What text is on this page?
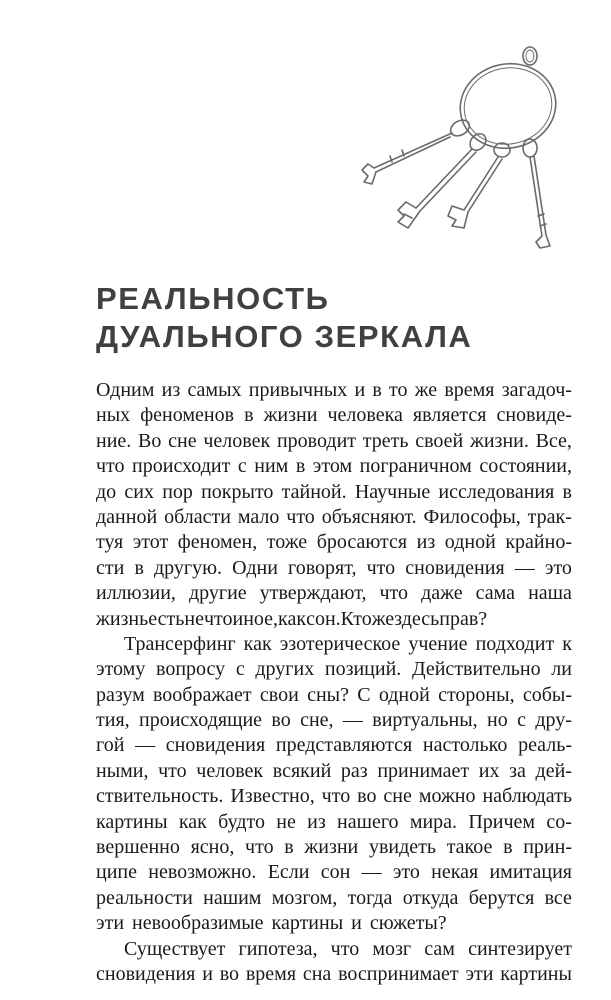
РЕАЛЬНОСТЬ
ДУАЛЬНОГО ЗЕРКАЛА
Одним из самых привычных и в то же время загадоч-
ных феноменов в жизни человека является сновиде-
ние. Во сне человек проводит треть своей жизни. Все,
что происходит с ним в этом пограничном состоянии,
до сих пор покрыто тайной. Научные исследования в
данной области мало что объясняют. Философы, трак-
туя этот феномен, тоже бросаются из одной крайно-
сти в другую. Одни говорят, что сновидения — это
иллюзии, другие утверждают, что даже сама наша
жизнь есть не что иное, как сон. Кто же здесь прав?
Трансерфинг как эзотерическое учение подходит к
этому вопросу с других позиций. Действительно ли
разум воображает свои сны? С одной стороны, собы-
тия, происходящие во сне, — виртуальны, но с дру-
гой — сновидения представляются настолько реаль-
ными, что человек всякий раз принимает их за дей-
ствительность. Известно, что во сне можно наблюдать
картины как будто не из нашего мира. Причем со-
вершенно ясно, что в жизни увидеть такое в прин-
ципе невозможно. Если сон — это некая имитация
реальности нашим мозгом, тогда откуда берутся все
эти невообразимые картины и сюжеты?
Существует гипотеза, что мозг сам синтезирует
сновидения и во время сна воспринимает эти картины
